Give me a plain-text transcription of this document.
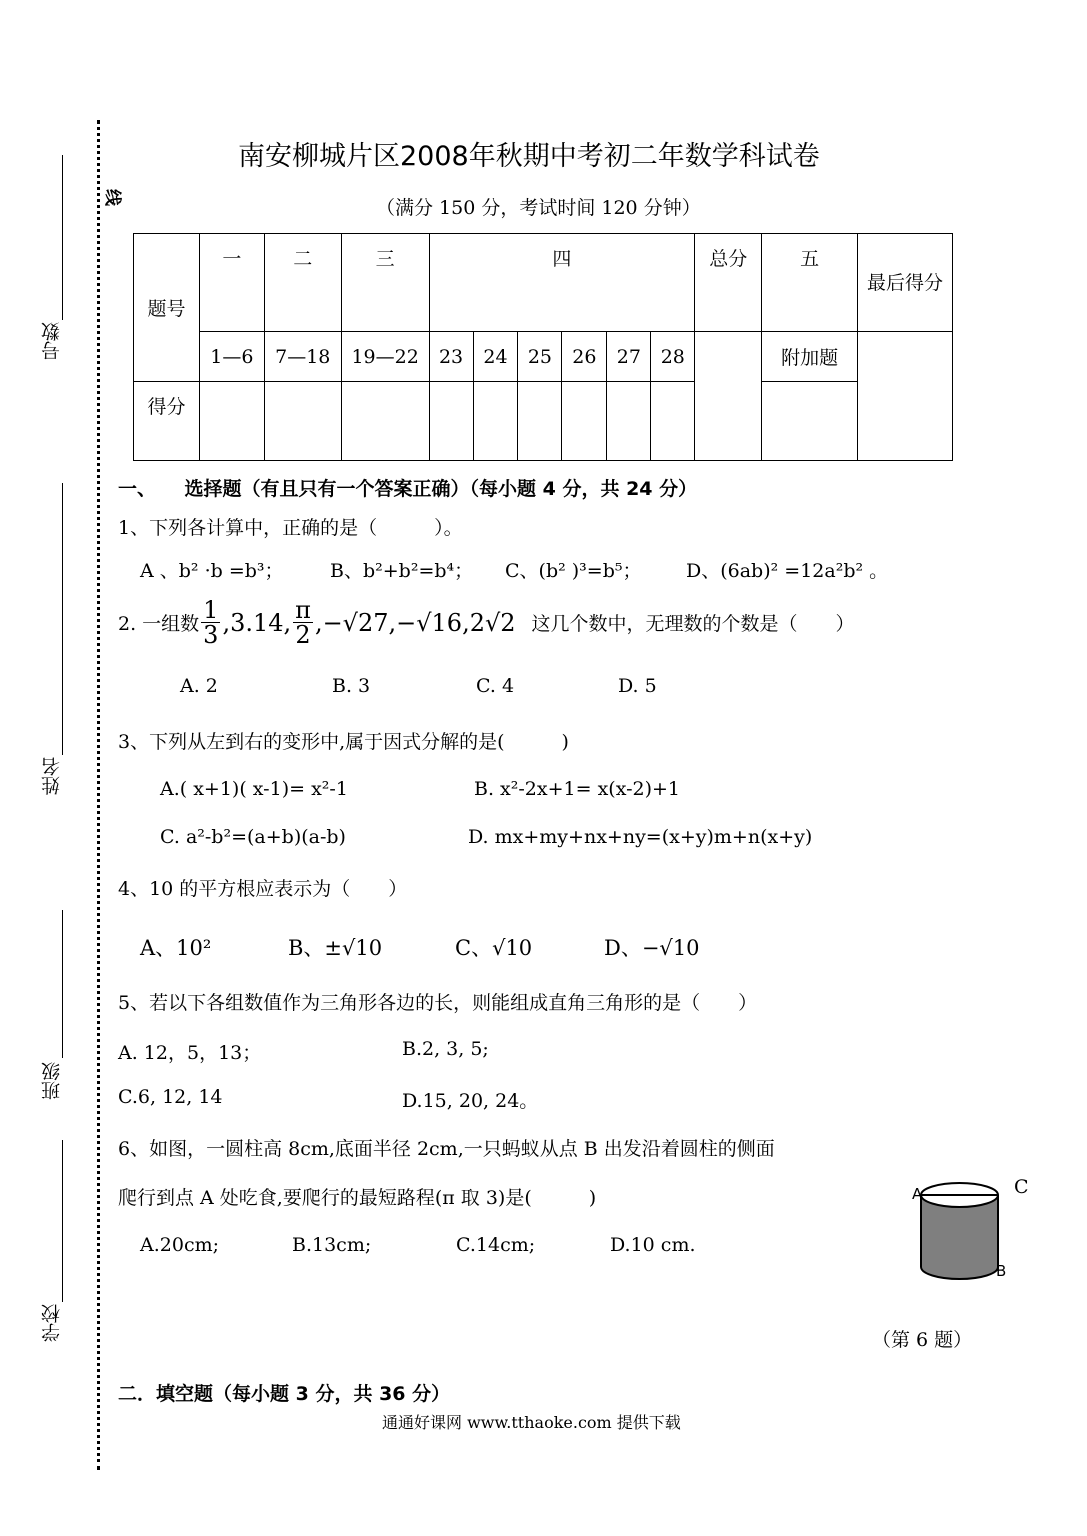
号数
姓名
班级
学校
线
南安柳城片区2008年秋期中考初二年数学科试卷
（满分 150 分，考试时间 120 分钟）
题号	一	二	三	四						总分	五	最后得分
	1—6	7—18	19—22	23	24	25	26	27	28		附加题	
得分												
一、　　选择题（有且只有一个答案正确）（每小题 4 分，共 24 分）
1、下列各计算中，正确的是（　　　）。
A 、b² ·b =b³； B、b²+b²=b⁴； C、(b² )³=b⁵； D、(6ab)² =12a²b² 。
2. 一组数 $\frac{1}{3} ,3.14$, $\frac{\pi}{2} ,-√27,-√16,2√2$ 这几个数中，无理数的个数是（　　）
A. 2	B. 3	C. 4	D. 5
3、下列从左到右的变形中,属于因式分解的是(　　　)
A.( x+1)( x-1)= x²-1	B. x²-2x+1= x(x-2)+1
C. a²-b²=(a+b)(a-b)	D. mx+my+nx+ny=(x+y)m+n(x+y)
4、10 的平方根应表示为（　　）
A、10²	B、±√10	C、√10	D、−√10
5、若以下各组数值作为三角形各边的长，则能组成直角三角形的是（　　）
A. 12，5，13；	B.2, 3, 5;
C.6, 12, 14	D.15, 20, 24。
6、如图，一圆柱高 8cm,底面半径 2cm,一只蚂蚁从点 B 出发沿着圆柱的侧面
爬行到点 A 处吃食,要爬行的最短路程(π 取 3)是(　　　)
A.20cm;	B.13cm;	C.14cm;	D.10 cm.
A	C
B
（第 6 题）
二．填空题（每小题 3 分，共 36 分）
通通好课网 www.tthaoke.com 提供下载
